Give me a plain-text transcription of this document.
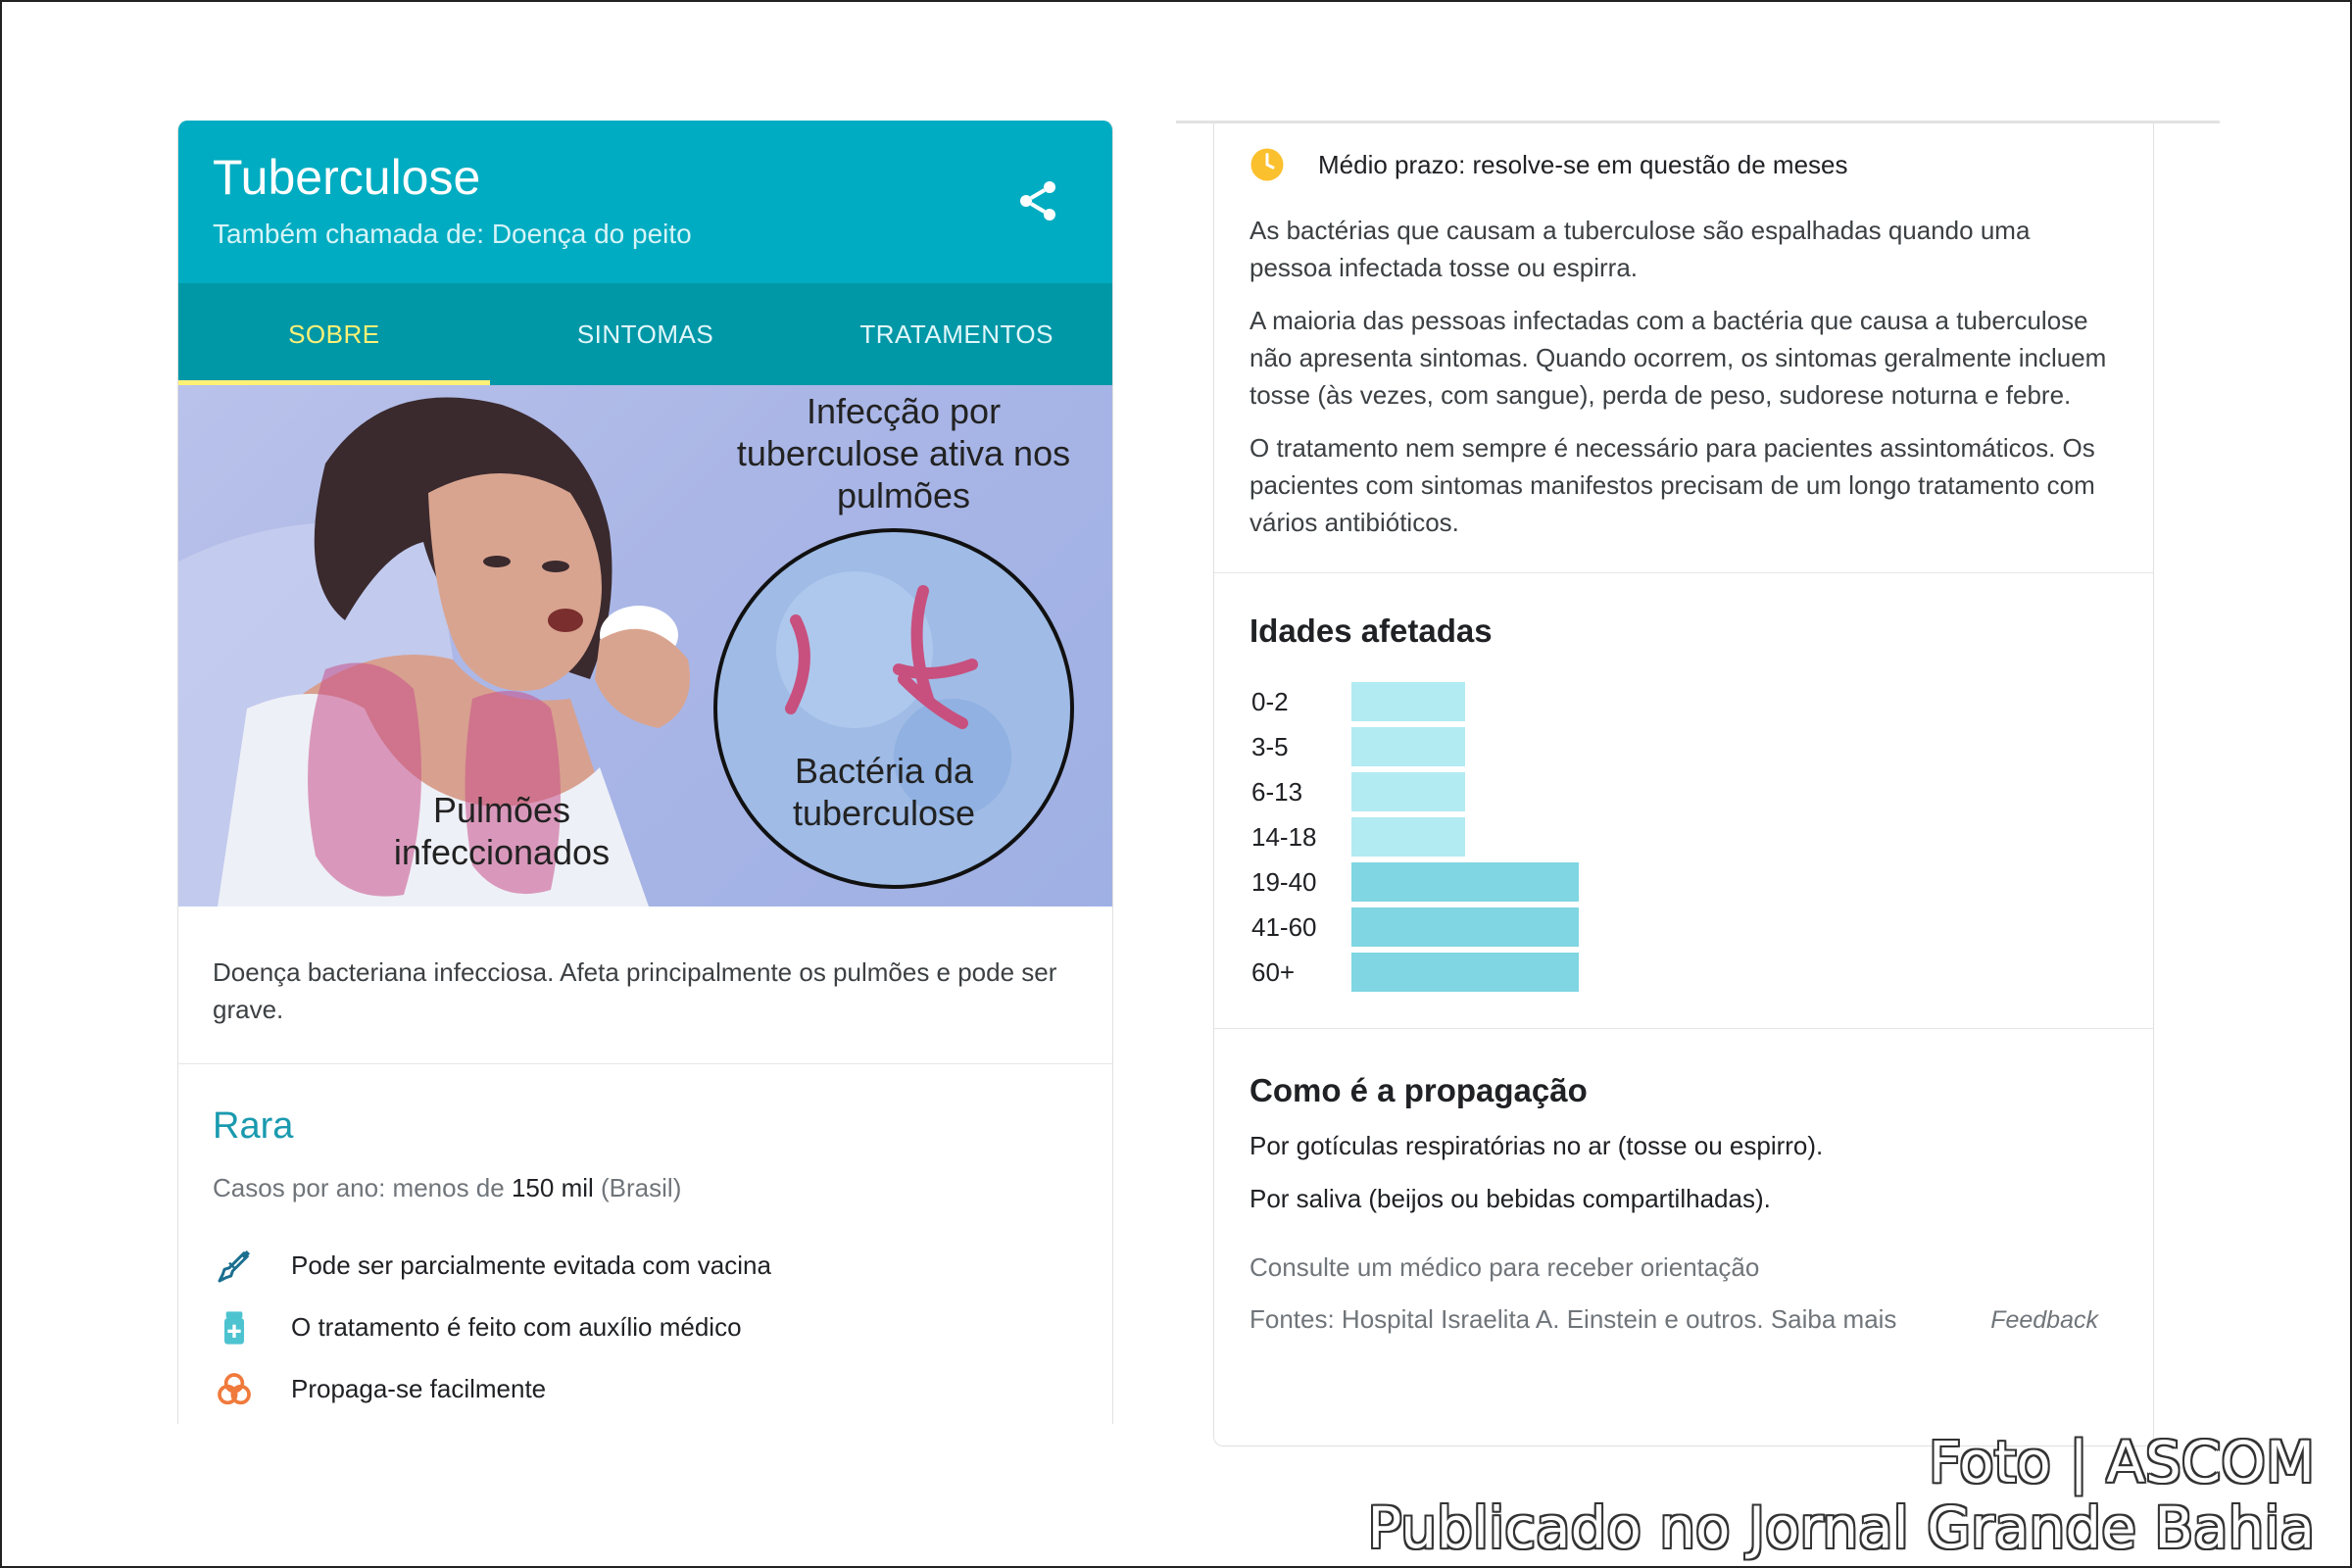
Tuberculose
Também chamada de: Doença do peito
SOBRE	SINTOMAS	TRATAMENTOS
Infecção por tuberculose ativa nos pulmões
Bactéria da tuberculose
Pulmões infeccionados
Doença bacteriana infecciosa. Afeta principalmente os pulmões e pode ser grave.
Rara
Casos por ano: menos de 150 mil (Brasil)
Pode ser parcialmente evitada com vacina
O tratamento é feito com auxílio médico
Propaga-se facilmente
Médio prazo: resolve-se em questão de meses

As bactérias que causam a tuberculose são espalhadas quando uma pessoa infectada tosse ou espirra.

A maioria das pessoas infectadas com a bactéria que causa a tuberculose não apresenta sintomas. Quando ocorrem, os sintomas geralmente incluem tosse (às vezes, com sangue), perda de peso, sudorese noturna e febre.

O tratamento nem sempre é necessário para pacientes assintomáticos. Os pacientes com sintomas manifestos precisam de um longo tratamento com vários antibióticos.

Idades afetadas
0-2
3-5
6-13
14-18
19-40
41-60
60+
Como é a propagação

Por gotículas respiratórias no ar (tosse ou espirro).

Por saliva (beijos ou bebidas compartilhadas).

Consulte um médico para receber orientação
Fontes: Hospital Israelita A. Einstein e outros. Saiba mais	Feedback
Foto | ASCOM
Publicado no Jornal Grande Bahia
